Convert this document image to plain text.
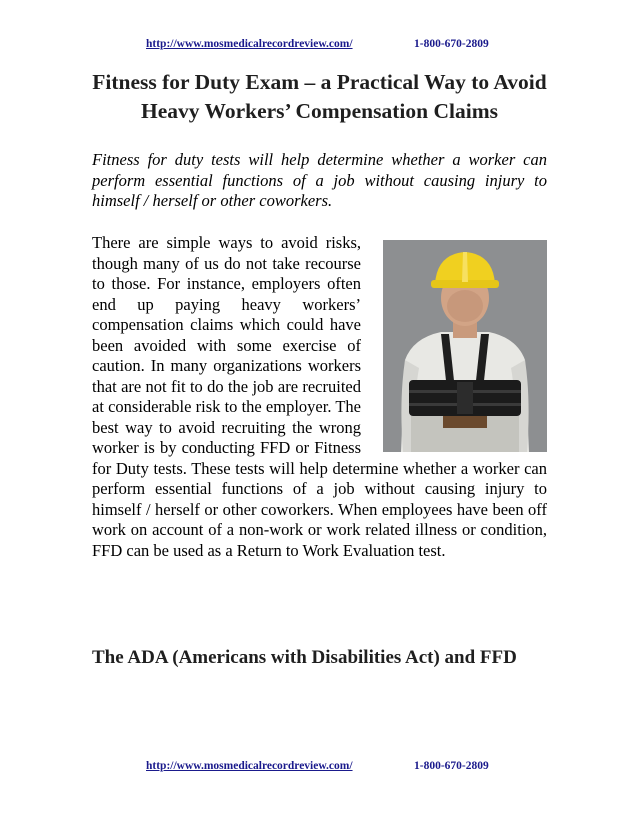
http://www.mosmedicalrecordreview.com/	1-800-670-2809
Fitness for Duty Exam – a Practical Way to Avoid Heavy Workers’ Compensation Claims
Fitness for duty tests will help determine whether a worker can perform essential functions of a job without causing injury to himself / herself or other coworkers.

There are simple ways to avoid risks, though many of us do not take recourse to those. For instance, employers often end up paying heavy workers’ compensation claims which could have been avoided with some exercise of caution. In many organizations workers that are not fit to do the job are recruited at considerable risk to the employer. The best way to avoid recruiting the wrong worker is by conducting FFD or Fitness for Duty tests. These tests will help determine whether a worker can perform essential functions of a job without causing injury to himself / herself or other coworkers. When employees have been off work on account of a non-work or work related illness or condition, FFD can be used as a Return to Work Evaluation test.

The ADA (Americans with Disabilities Act) and FFD
http://www.mosmedicalrecordreview.com/	1-800-670-2809
